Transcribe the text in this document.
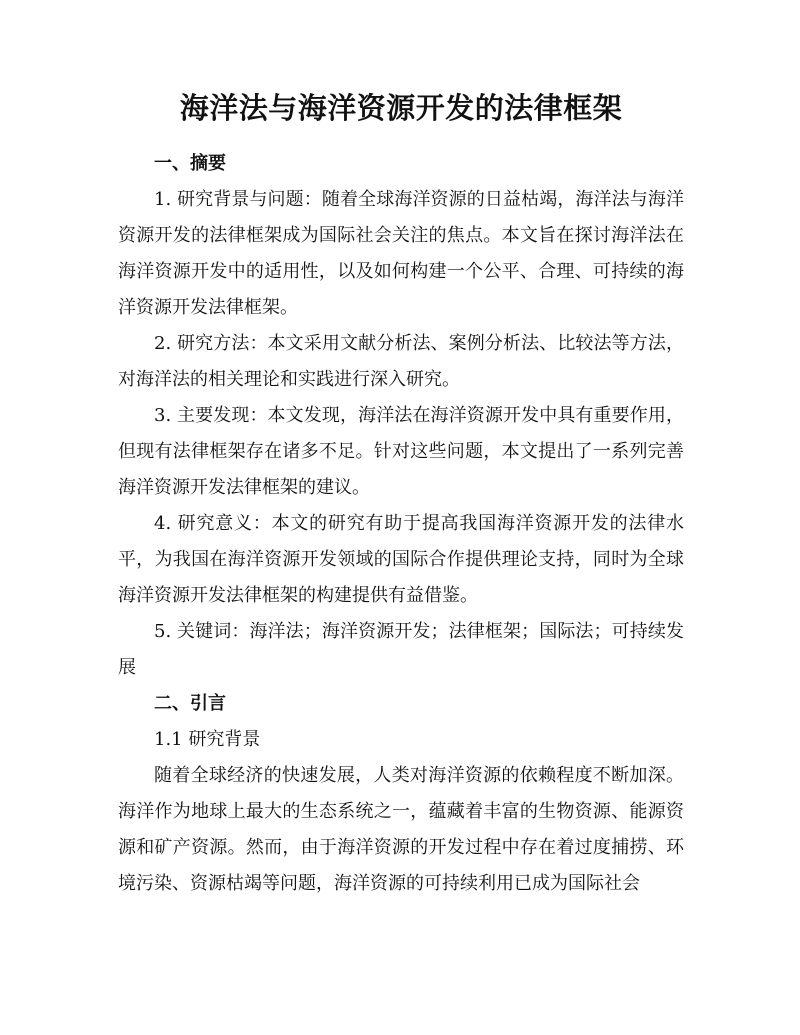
海洋法与海洋资源开发的法律框架

一、摘要

1. 研究背景与问题：随着全球海洋资源的日益枯竭，海洋法与海洋资源开发的法律框架成为国际社会关注的焦点。本文旨在探讨海洋法在海洋资源开发中的适用性，以及如何构建一个公平、合理、可持续的海洋资源开发法律框架。

2. 研究方法：本文采用文献分析法、案例分析法、比较法等方法，对海洋法的相关理论和实践进行深入研究。

3. 主要发现：本文发现，海洋法在海洋资源开发中具有重要作用，但现有法律框架存在诸多不足。针对这些问题，本文提出了一系列完善海洋资源开发法律框架的建议。

4. 研究意义：本文的研究有助于提高我国海洋资源开发的法律水平，为我国在海洋资源开发领域的国际合作提供理论支持，同时为全球海洋资源开发法律框架的构建提供有益借鉴。

5. 关键词：海洋法；海洋资源开发；法律框架；国际法；可持续发展

二、引言

1.1 研究背景

随着全球经济的快速发展，人类对海洋资源的依赖程度不断加深。海洋作为地球上最大的生态系统之一，蕴藏着丰富的生物资源、能源资源和矿产资源。然而，由于海洋资源的开发过程中存在着过度捕捞、环境污染、资源枯竭等问题，海洋资源的可持续利用已成为国际社会
